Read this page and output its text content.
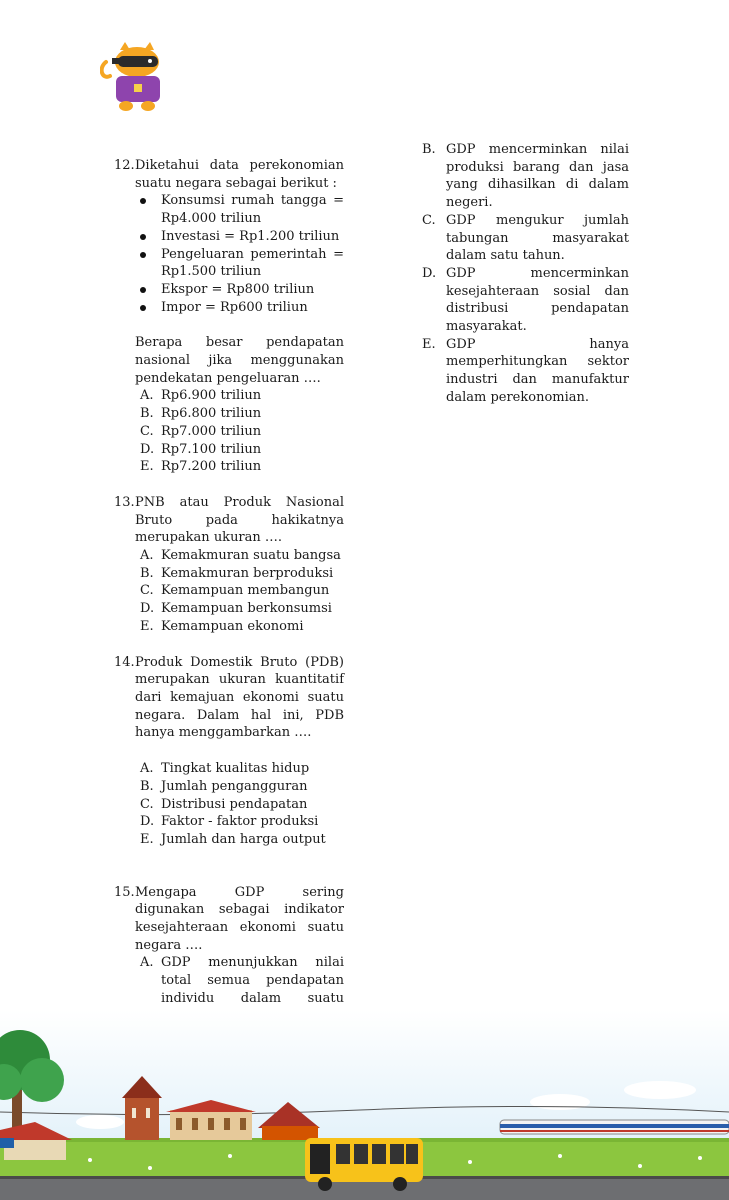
12. Diketahui data perekonomian suatu negara sebagai berikut :
Konsumsi rumah tangga = Rp4.000 triliun
Investasi = Rp1.200 triliun
Pengeluaran pemerintah = Rp1.500 triliun
Ekspor = Rp800 triliun
Impor = Rp600 triliun
Berapa besar pendapatan nasional jika menggunakan pendekatan pengeluaran ….
A. Rp6.900 triliun
B. Rp6.800 triliun
C. Rp7.000 triliun
D. Rp7.100 triliun
E. Rp7.200 triliun
13. PNB atau Produk Nasional Bruto pada hakikatnya merupakan ukuran ….
A. Kemakmuran suatu bangsa
B. Kemakmuran berproduksi
C. Kemampuan membangun
D. Kemampuan berkonsumsi
E. Kemampuan ekonomi
14. Produk Domestik Bruto (PDB) merupakan ukuran kuantitatif dari kemajuan ekonomi suatu negara. Dalam hal ini, PDB hanya menggambarkan ….
A. Tingkat kualitas hidup
B. Jumlah pengangguran
C. Distribusi pendapatan
D. Faktor - faktor produksi
E. Jumlah dan harga output
15. Mengapa GDP sering digunakan sebagai indikator kesejahteraan ekonomi suatu negara ….
A. GDP menunjukkan nilai total semua pendapatan individu dalam suatu
B. GDP mencerminkan nilai produksi barang dan jasa yang dihasilkan di dalam negeri.
C. GDP mengukur jumlah tabungan masyarakat dalam satu tahun.
D. GDP mencerminkan kesejahteraan sosial dan distribusi pendapatan masyarakat.
E. GDP hanya memperhitungkan sektor industri dan manufaktur dalam perekonomian.
